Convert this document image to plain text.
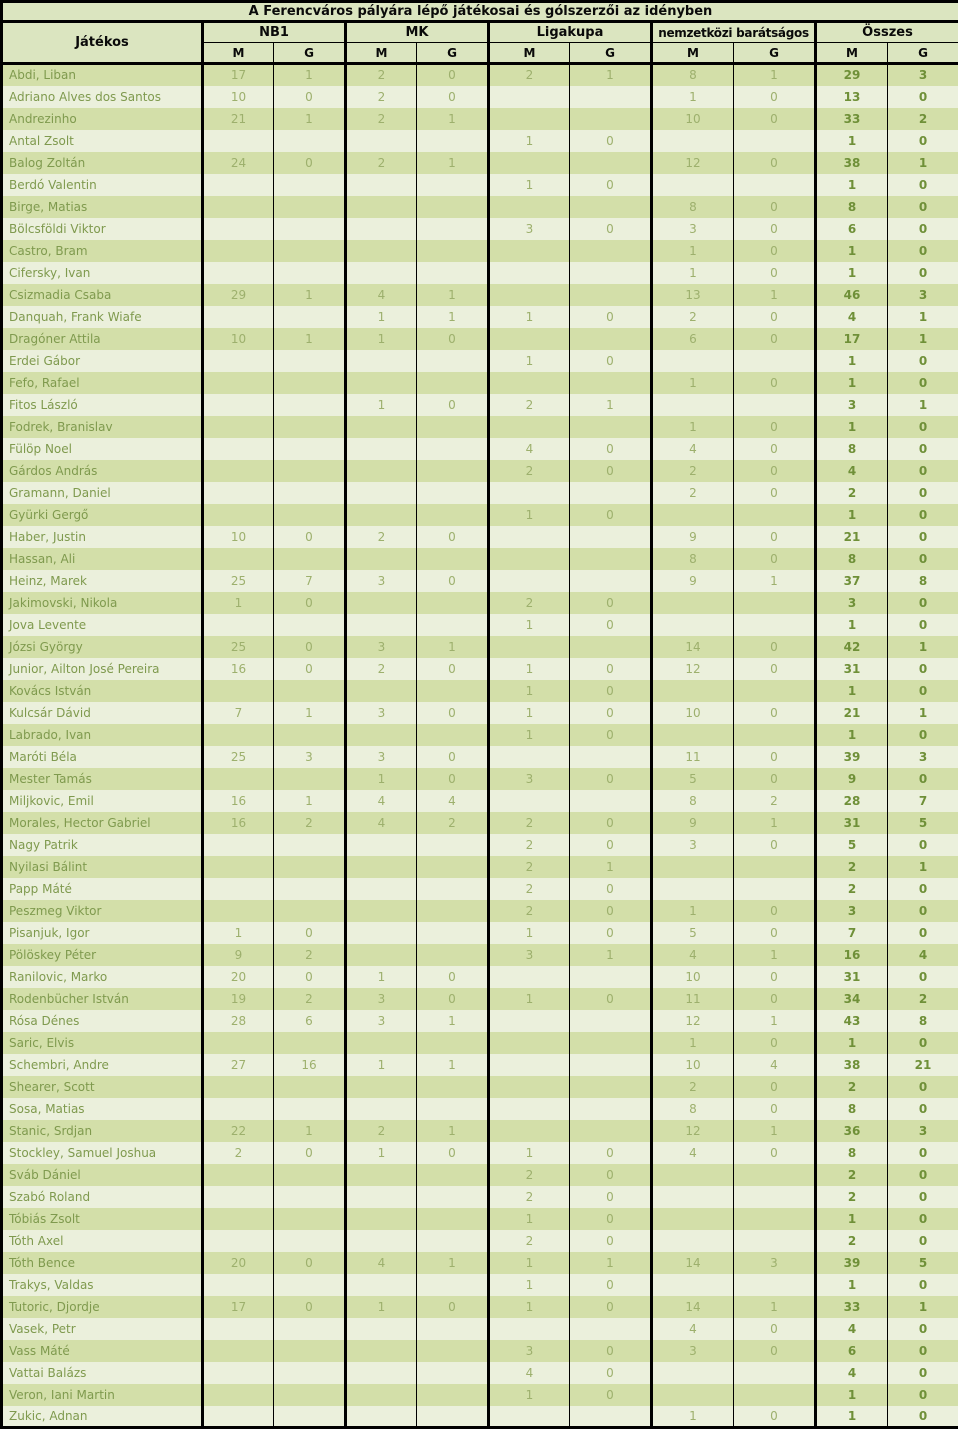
A Ferencváros pályára lépő játékosai és gólszerzői az idényben										
Játékos	NB1		MK		Ligakupa		nemzetközi barátságos		Összes	
	M	G	M	G	M	G	M	G	M	G
Abdi, Liban	17	1	2	0	2	1	8	1	29	3
Adriano Alves dos Santos	10	0	2	0			1	0	13	0
Andrezinho	21	1	2	1			10	0	33	2
Antal Zsolt					1	0			1	0
Balog Zoltán	24	0	2	1			12	0	38	1
Berdó Valentin					1	0			1	0
Birge, Matias							8	0	8	0
Bölcsföldi Viktor					3	0	3	0	6	0
Castro, Bram							1	0	1	0
Cifersky, Ivan							1	0	1	0
Csizmadia Csaba	29	1	4	1			13	1	46	3
Danquah, Frank Wiafe			1	1	1	0	2	0	4	1
Dragóner Attila	10	1	1	0			6	0	17	1
Erdei Gábor					1	0			1	0
Fefo, Rafael							1	0	1	0
Fitos László			1	0	2	1			3	1
Fodrek, Branislav							1	0	1	0
Fülöp Noel					4	0	4	0	8	0
Gárdos András					2	0	2	0	4	0
Gramann, Daniel							2	0	2	0
Gyürki Gergő					1	0			1	0
Haber, Justin	10	0	2	0			9	0	21	0
Hassan, Ali							8	0	8	0
Heinz, Marek	25	7	3	0			9	1	37	8
Jakimovski, Nikola	1	0			2	0			3	0
Jova Levente					1	0			1	0
Józsi György	25	0	3	1			14	0	42	1
Junior, Ailton José Pereira	16	0	2	0	1	0	12	0	31	0
Kovács István					1	0			1	0
Kulcsár Dávid	7	1	3	0	1	0	10	0	21	1
Labrado, Ivan					1	0			1	0
Maróti Béla	25	3	3	0			11	0	39	3
Mester Tamás			1	0	3	0	5	0	9	0
Miljkovic, Emil	16	1	4	4			8	2	28	7
Morales, Hector Gabriel	16	2	4	2	2	0	9	1	31	5
Nagy Patrik					2	0	3	0	5	0
Nyilasi Bálint					2	1			2	1
Papp Máté					2	0			2	0
Peszmeg Viktor					2	0	1	0	3	0
Pisanjuk, Igor	1	0			1	0	5	0	7	0
Pölöskey Péter	9	2			3	1	4	1	16	4
Ranilovic, Marko	20	0	1	0			10	0	31	0
Rodenbücher István	19	2	3	0	1	0	11	0	34	2
Rósa Dénes	28	6	3	1			12	1	43	8
Saric, Elvis							1	0	1	0
Schembri, Andre	27	16	1	1			10	4	38	21
Shearer, Scott							2	0	2	0
Sosa, Matias							8	0	8	0
Stanic, Srdjan	22	1	2	1			12	1	36	3
Stockley, Samuel Joshua	2	0	1	0	1	0	4	0	8	0
Sváb Dániel					2	0			2	0
Szabó Roland					2	0			2	0
Tóbiás Zsolt					1	0			1	0
Tóth Axel					2	0			2	0
Tóth Bence	20	0	4	1	1	1	14	3	39	5
Trakys, Valdas					1	0			1	0
Tutoric, Djordje	17	0	1	0	1	0	14	1	33	1
Vasek, Petr							4	0	4	0
Vass Máté					3	0	3	0	6	0
Vattai Balázs					4	0			4	0
Veron, Iani Martin					1	0			1	0
Zukic, Adnan							1	0	1	0
